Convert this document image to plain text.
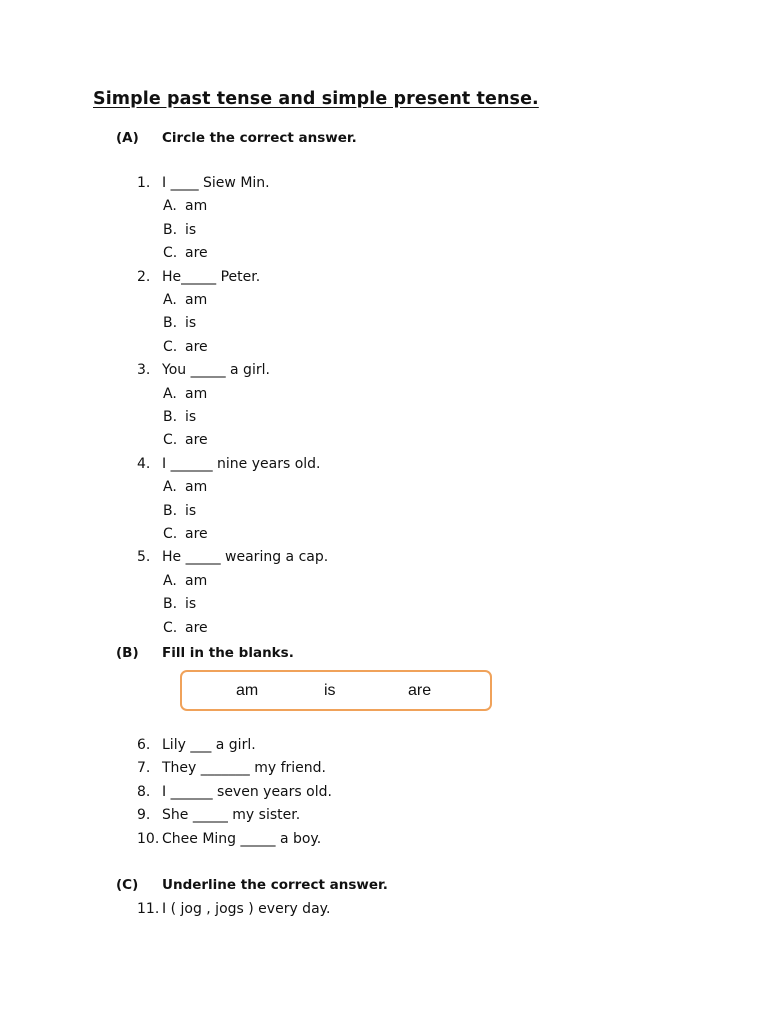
Simple past tense and simple present tense.
(A) Circle the correct answer.
1. I ____ Siew Min.
A. am
B. is
C. are
2. He_____ Peter.
A. am
B. is
C. are
3. You _____ a girl.
A. am
B. is
C. are
4. I ______ nine years old.
A. am
B. is
C. are
5. He _____ wearing a cap.
A. am
B. is
C. are
(B) Fill in the blanks.
am	is	are
6. Lily ___ a girl.
7. They _______ my friend.
8. I ______ seven years old.
9. She _____ my sister.
10. Chee Ming _____ a boy.
(C) Underline the correct answer.
11. I ( jog , jogs ) every day.
